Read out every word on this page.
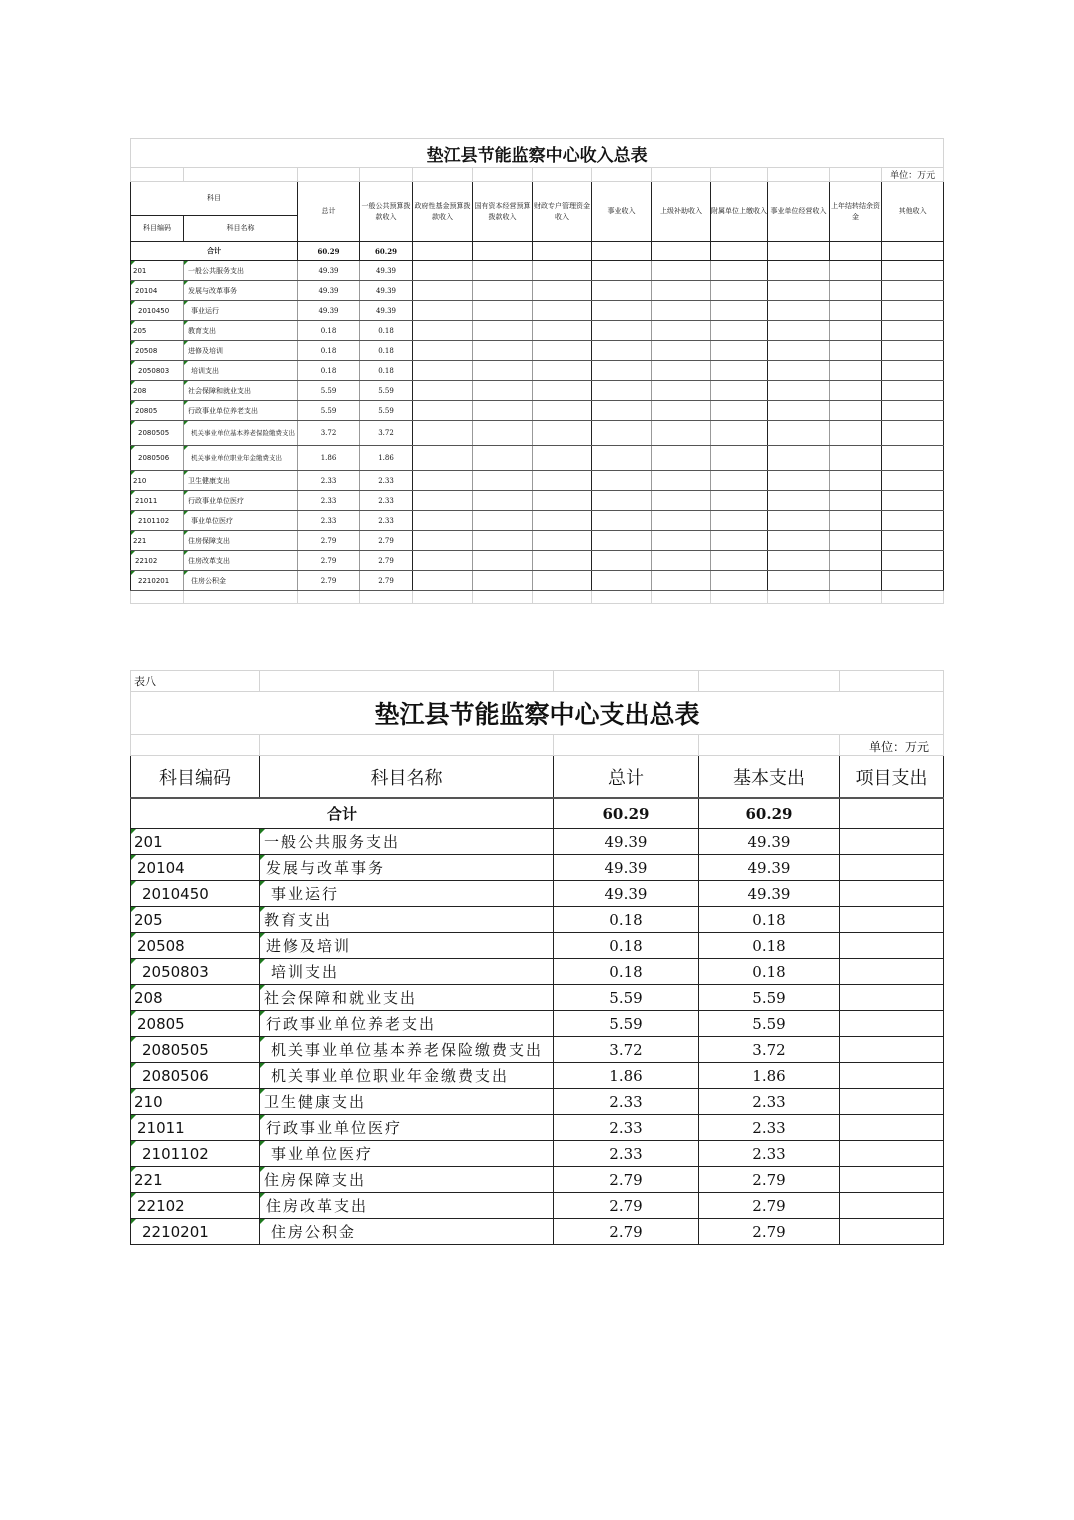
垫江县节能监察中心收入总表												
												单位：万元
科目		总计	一般公共预算拨款收入	政府性基金预算拨款收入	国有资本经营预算拨款收入	财政专户管理资金收入	事业收入	上级补助收入	附属单位上缴收入	事业单位经营收入	上年结转结余资金	其他收入
科目编码	科目名称											
合计		60.29	60.29									
201	一般公共服务支出	49.39	49.39									
20104	发展与改革事务	49.39	49.39									
2010450	事业运行	49.39	49.39									
205	教育支出	0.18	0.18									
20508	进修及培训	0.18	0.18									
2050803	培训支出	0.18	0.18									
208	社会保障和就业支出	5.59	5.59									
20805	行政事业单位养老支出	5.59	5.59									
2080505	机关事业单位基本养老保险缴费支出	3.72	3.72									
2080506	机关事业单位职业年金缴费支出	1.86	1.86									
210	卫生健康支出	2.33	2.33									
21011	行政事业单位医疗	2.33	2.33									
2101102	事业单位医疗	2.33	2.33									
221	住房保障支出	2.79	2.79									
22102	住房改革支出	2.79	2.79									
2210201	住房公积金	2.79	2.79									

表八				
垫江县节能监察中心支出总表				
				单位：万元
科目编码	科目名称	总计	基本支出	项目支出
合计		60.29	60.29	
201	一般公共服务支出	49.39	49.39	
20104	发展与改革事务	49.39	49.39	
2010450	事业运行	49.39	49.39	
205	教育支出	0.18	0.18	
20508	进修及培训	0.18	0.18	
2050803	培训支出	0.18	0.18	
208	社会保障和就业支出	5.59	5.59	
20805	行政事业单位养老支出	5.59	5.59	
2080505	机关事业单位基本养老保险缴费支出	3.72	3.72	
2080506	机关事业单位职业年金缴费支出	1.86	1.86	
210	卫生健康支出	2.33	2.33	
21011	行政事业单位医疗	2.33	2.33	
2101102	事业单位医疗	2.33	2.33	
221	住房保障支出	2.79	2.79	
22102	住房改革支出	2.79	2.79	
2210201	住房公积金	2.79	2.79	
